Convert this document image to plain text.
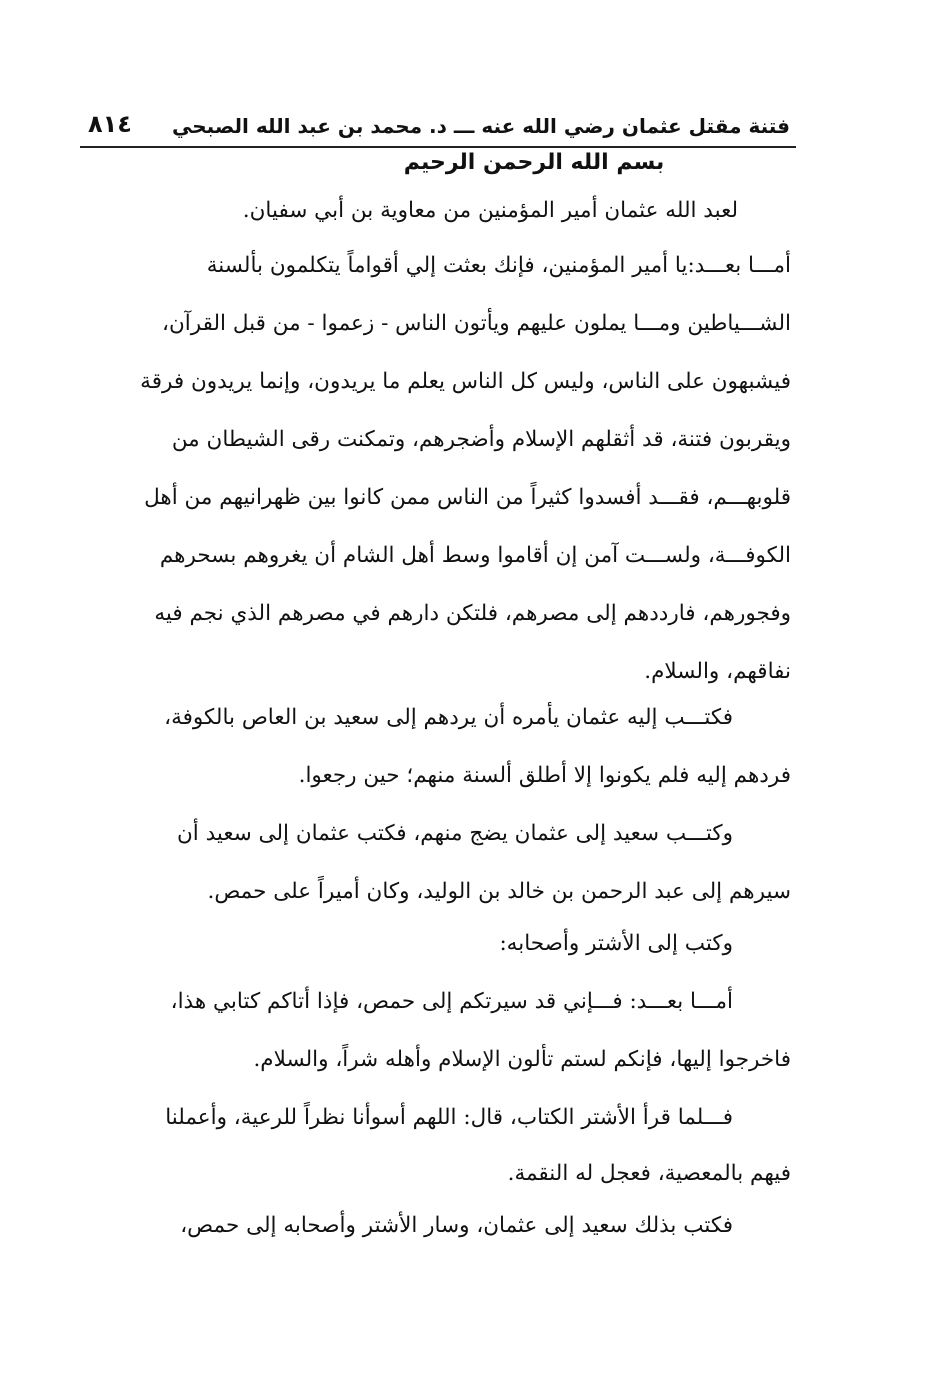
فتنة مقتل عثمان رضي الله عنه ـــ د. محمد بن عبد الله الصبحي
٨١٤
بسم الله الرحمن الرحيم
لعبد الله عثمان أمير المؤمنين من معاوية بن أبي سفيان.
أمـــا بعـــد:يا أمير المؤمنين، فإنك بعثت إلي أقواماً يتكلمون بألسنة
الشـــياطين ومـــا يملون عليهم ويأتون الناس - زعموا - من قبل القرآن،
فيشبهون على الناس، وليس كل الناس يعلم ما يريدون، وإنما يريدون فرقة
ويقربون فتنة، قد أثقلهم الإسلام وأضجرهم، وتمكنت رقى الشيطان من
قلوبهـــم، فقـــد أفسدوا كثيراً من الناس ممن كانوا بين ظهرانيهم من أهل
الكوفـــة، ولســـت آمن إن أقاموا وسط أهل الشام أن يغروهم بسحرهم
وفجورهم، فارددهم إلى مصرهم، فلتكن دارهم في مصرهم الذي نجم فيه
نفاقهم، والسلام.
فكتـــب إليه عثمان يأمره أن يردهم إلى سعيد بن العاص بالكوفة،
فردهم إليه فلم يكونوا إلا أطلق ألسنة منهم؛ حين رجعوا.
وكتـــب سعيد إلى عثمان يضج منهم، فكتب عثمان إلى سعيد أن
سيرهم إلى عبد الرحمن بن خالد بن الوليد، وكان أميراً على حمص.
وكتب إلى الأشتر وأصحابه:
أمـــا بعـــد: فـــإني قد سيرتكم إلى حمص، فإذا أتاكم كتابي هذا،
فاخرجوا إليها، فإنكم لستم تألون الإسلام وأهله شراً، والسلام.
فـــلما قرأ الأشتر الكتاب، قال: اللهم أسوأنا نظراً للرعية، وأعملنا
فيهم بالمعصية، فعجل له النقمة.
فكتب بذلك سعيد إلى عثمان، وسار الأشتر وأصحابه إلى حمص،
